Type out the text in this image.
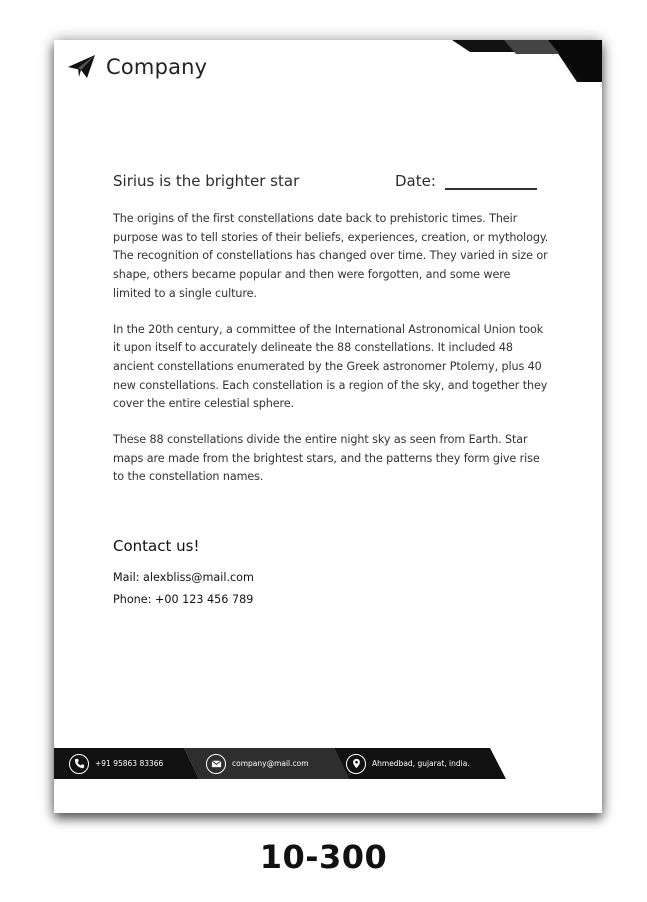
Company
Sirius is the brighter star	Date:

The origins of the first constellations date back to prehistoric times. Their purpose was to tell stories of their beliefs, experiences, creation, or mythology. The recognition of constellations has changed over time. They varied in size or shape, others became popular and then were forgotten, and some were limited to a single culture.

In the 20th century, a committee of the International Astronomical Union took it upon itself to accurately delineate the 88 constellations. It included 48 ancient constellations enumerated by the Greek astronomer Ptolemy, plus 40 new constellations. Each constellation is a region of the sky, and together they cover the entire celestial sphere.

These 88 constellations divide the entire night sky as seen from Earth. Star maps are made from the brightest stars, and the patterns they form give rise to the constellation names.

Contact us!
Mail: alexbliss@mail.com
Phone: +00 123 456 789
+91 95863 83366	company@mail.com	Ahmedbad, gujarat, india.
10-300
